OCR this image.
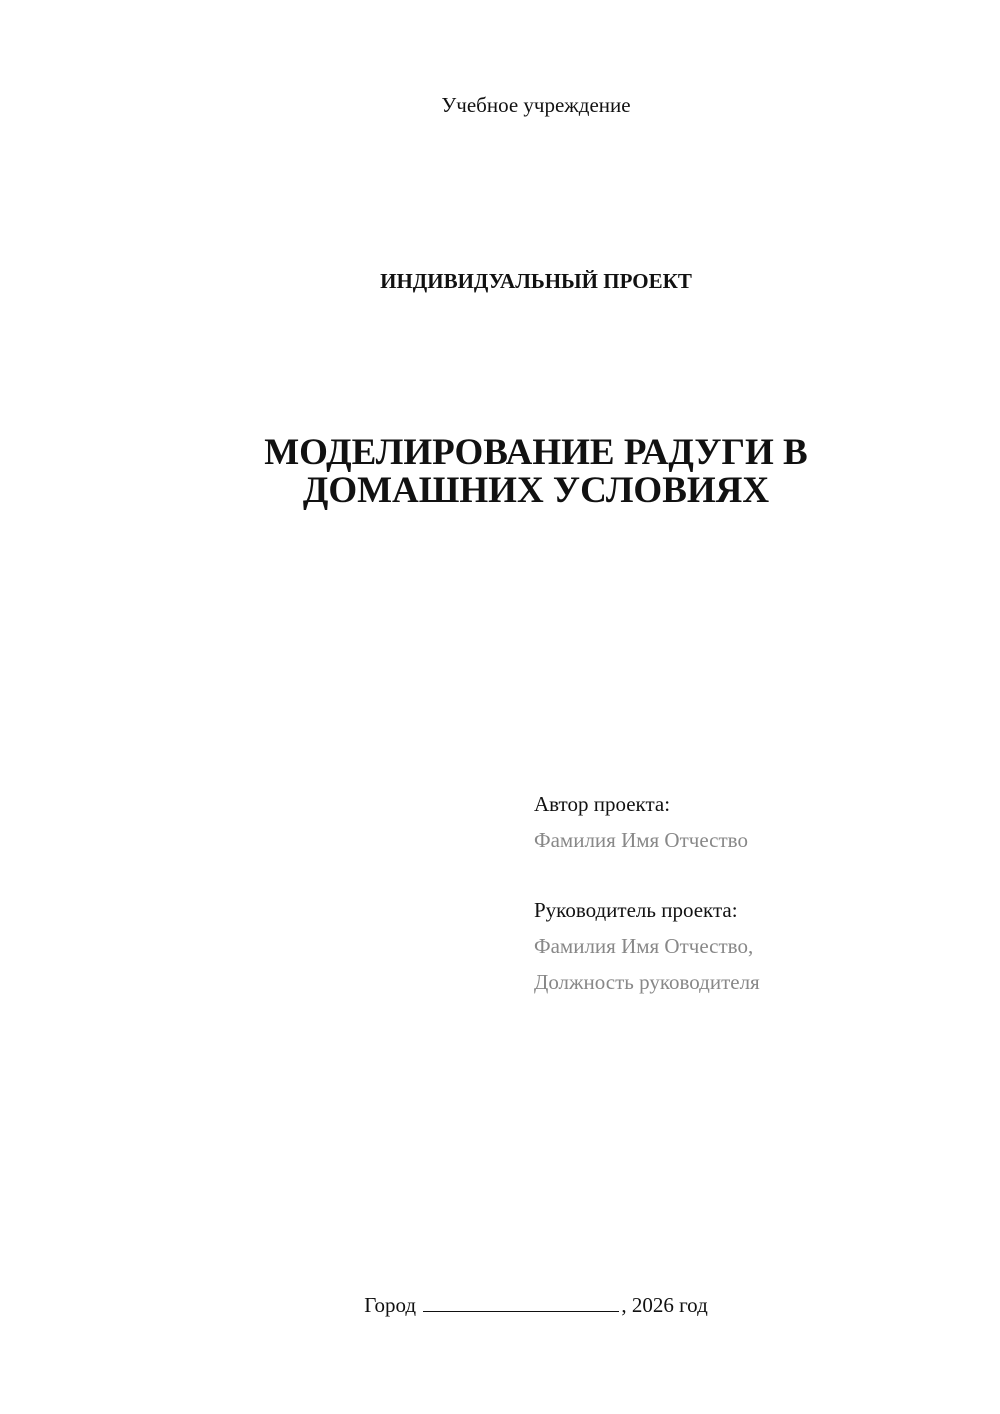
Учебное учреждение
ИНДИВИДУАЛЬНЫЙ ПРОЕКТ
МОДЕЛИРОВАНИЕ РАДУГИ В
ДОМАШНИХ УСЛОВИЯХ
Автор проекта:
Фамилия Имя Отчество
Руководитель проекта:
Фамилия Имя Отчество,
Должность руководителя
Город	, 2026 год
